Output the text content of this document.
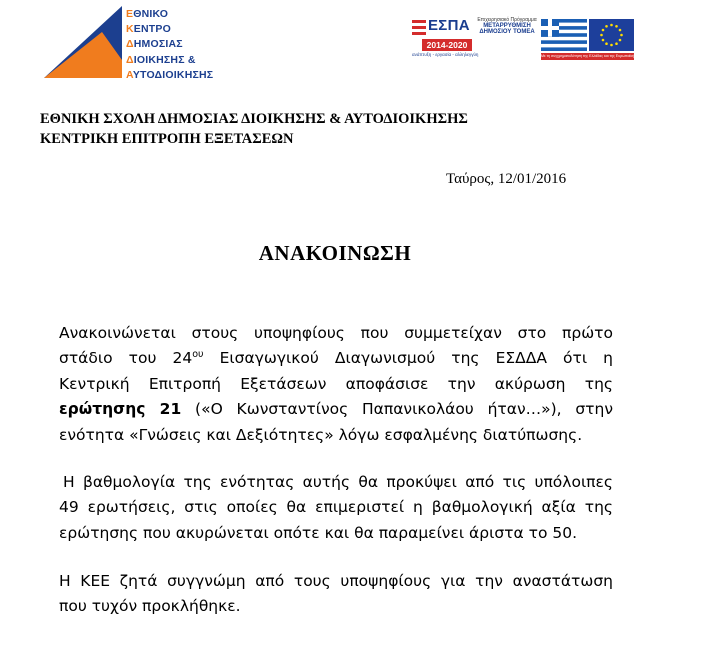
ΕΘΝΙΚΟ
ΚΕΝΤΡΟ
ΔΗΜΟΣΙΑΣ
ΔΙΟΙΚΗΣΗΣ &
ΑΥΤΟΔΙΟΙΚΗΣΗΣ
ΕΣΠΑ
2014-2020
ανάπτυξη - εργασία - αλληλεγγύη
Επιχειρησιακό Πρόγραμμα
ΜΕΤΑΡΡΥΘΜΙΣΗ
ΔΗΜΟΣΙΟΥ ΤΟΜΕΑ
Με τη συγχρηματοδότηση της Ελλάδας και της Ευρωπαϊκής Ένωσης
ΕΘΝΙΚΗ ΣΧΟΛΗ ΔΗΜΟΣΙΑΣ ΔΙΟΙΚΗΣΗΣ & ΑΥΤΟΔΙΟΙΚΗΣΗΣ
ΚΕΝΤΡΙΚΗ ΕΠΙΤΡΟΠΗ ΕΞΕΤΑΣΕΩΝ
Ταύρος, 12/01/2016
ΑΝΑΚΟΙΝΩΣΗ
Ανακοινώνεται στους υποψηφίους που συμμετείχαν στο πρώτο
στάδιο του $24^{o\upsilon}$ Εισαγωγικού Διαγωνισμού της ΕΣΔΔΑ ότι η
Κεντρική Επιτροπή Εξετάσεων αποφάσισε την ακύρωση της
ερώτησης 21 («Ο Κωνσταντίνος Παπανικολάου ήταν…»), στην
ενότητα «Γνώσεις και Δεξιότητες» λόγω εσφαλμένης διατύπωσης.
Η βαθμολογία της ενότητας αυτής θα προκύψει από τις υπόλοιπες
49 ερωτήσεις, στις οποίες θα επιμεριστεί η βαθμολογική αξία της
ερώτησης που ακυρώνεται οπότε και θα παραμείνει άριστα το 50.
Η ΚΕΕ ζητά συγγνώμη από τους υποψηφίους για την αναστάτωση
που τυχόν προκλήθηκε.
